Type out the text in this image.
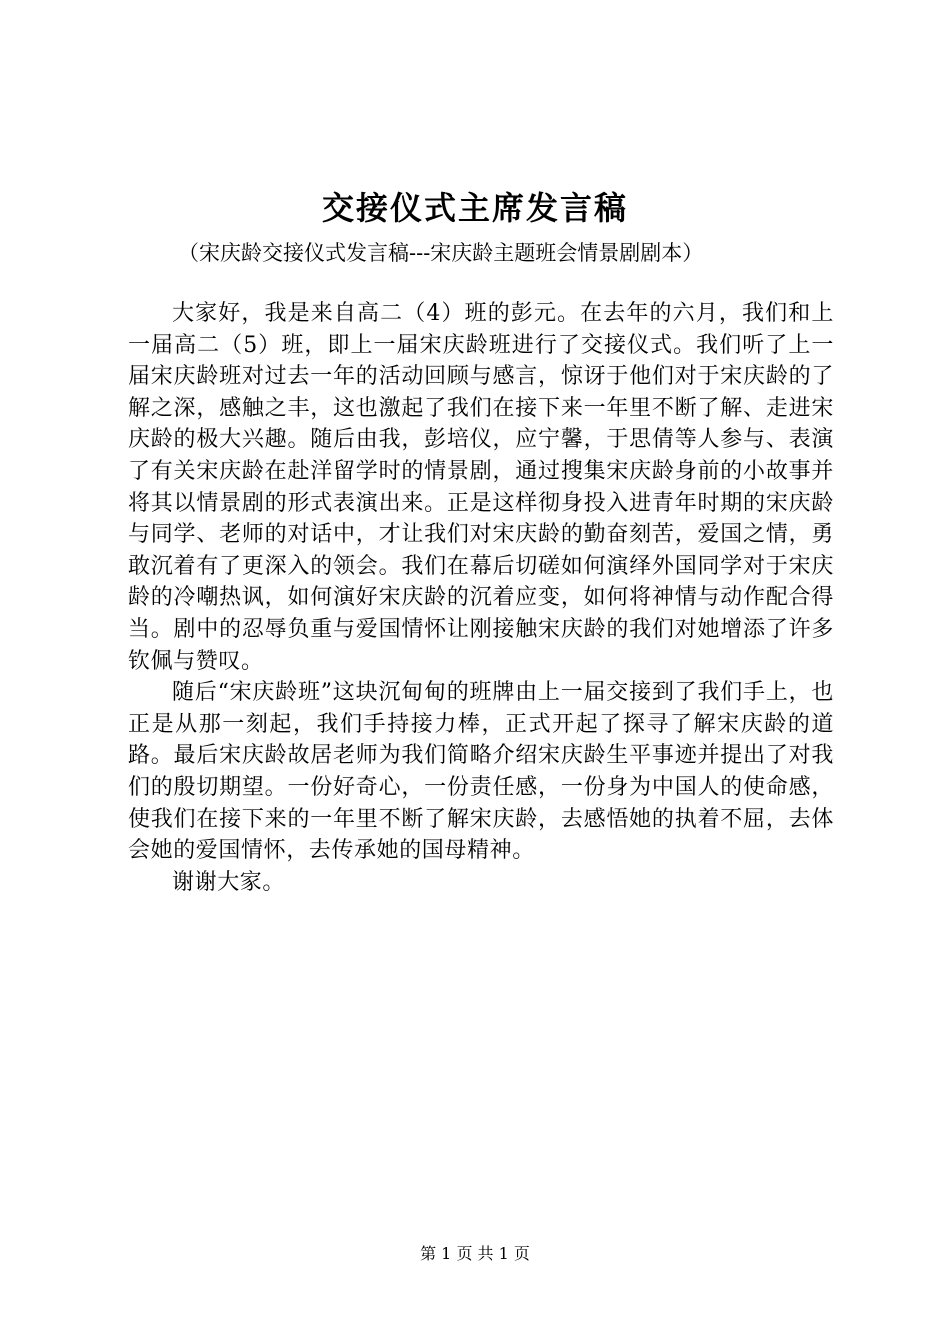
交接仪式主席发言稿
（宋庆龄交接仪式发言稿---宋庆龄主题班会情景剧剧本）

大家好，我是来自高二（4）班的彭元。在去年的六月，我们和上一届高二（5）班，即上一届宋庆龄班进行了交接仪式。我们听了上一届宋庆龄班对过去一年的活动回顾与感言，惊讶于他们对于宋庆龄的了解之深，感触之丰，这也激起了我们在接下来一年里不断了解、走进宋庆龄的极大兴趣。随后由我，彭培仪，应宁馨，于思倩等人参与、表演了有关宋庆龄在赴洋留学时的情景剧，通过搜集宋庆龄身前的小故事并将其以情景剧的形式表演出来。正是这样彻身投入进青年时期的宋庆龄与同学、老师的对话中，才让我们对宋庆龄的勤奋刻苦，爱国之情，勇敢沉着有了更深入的领会。我们在幕后切磋如何演绎外国同学对于宋庆龄的冷嘲热讽，如何演好宋庆龄的沉着应变，如何将神情与动作配合得当。剧中的忍辱负重与爱国情怀让刚接触宋庆龄的我们对她增添了许多钦佩与赞叹。

随后“宋庆龄班”这块沉甸甸的班牌由上一届交接到了我们手上，也正是从那一刻起，我们手持接力棒，正式开起了探寻了解宋庆龄的道路。最后宋庆龄故居老师为我们简略介绍宋庆龄生平事迹并提出了对我们的殷切期望。一份好奇心，一份责任感，一份身为中国人的使命感，使我们在接下来的一年里不断了解宋庆龄，去感悟她的执着不屈，去体会她的爱国情怀，去传承她的国母精神。

谢谢大家。

第 1 页 共 1 页
